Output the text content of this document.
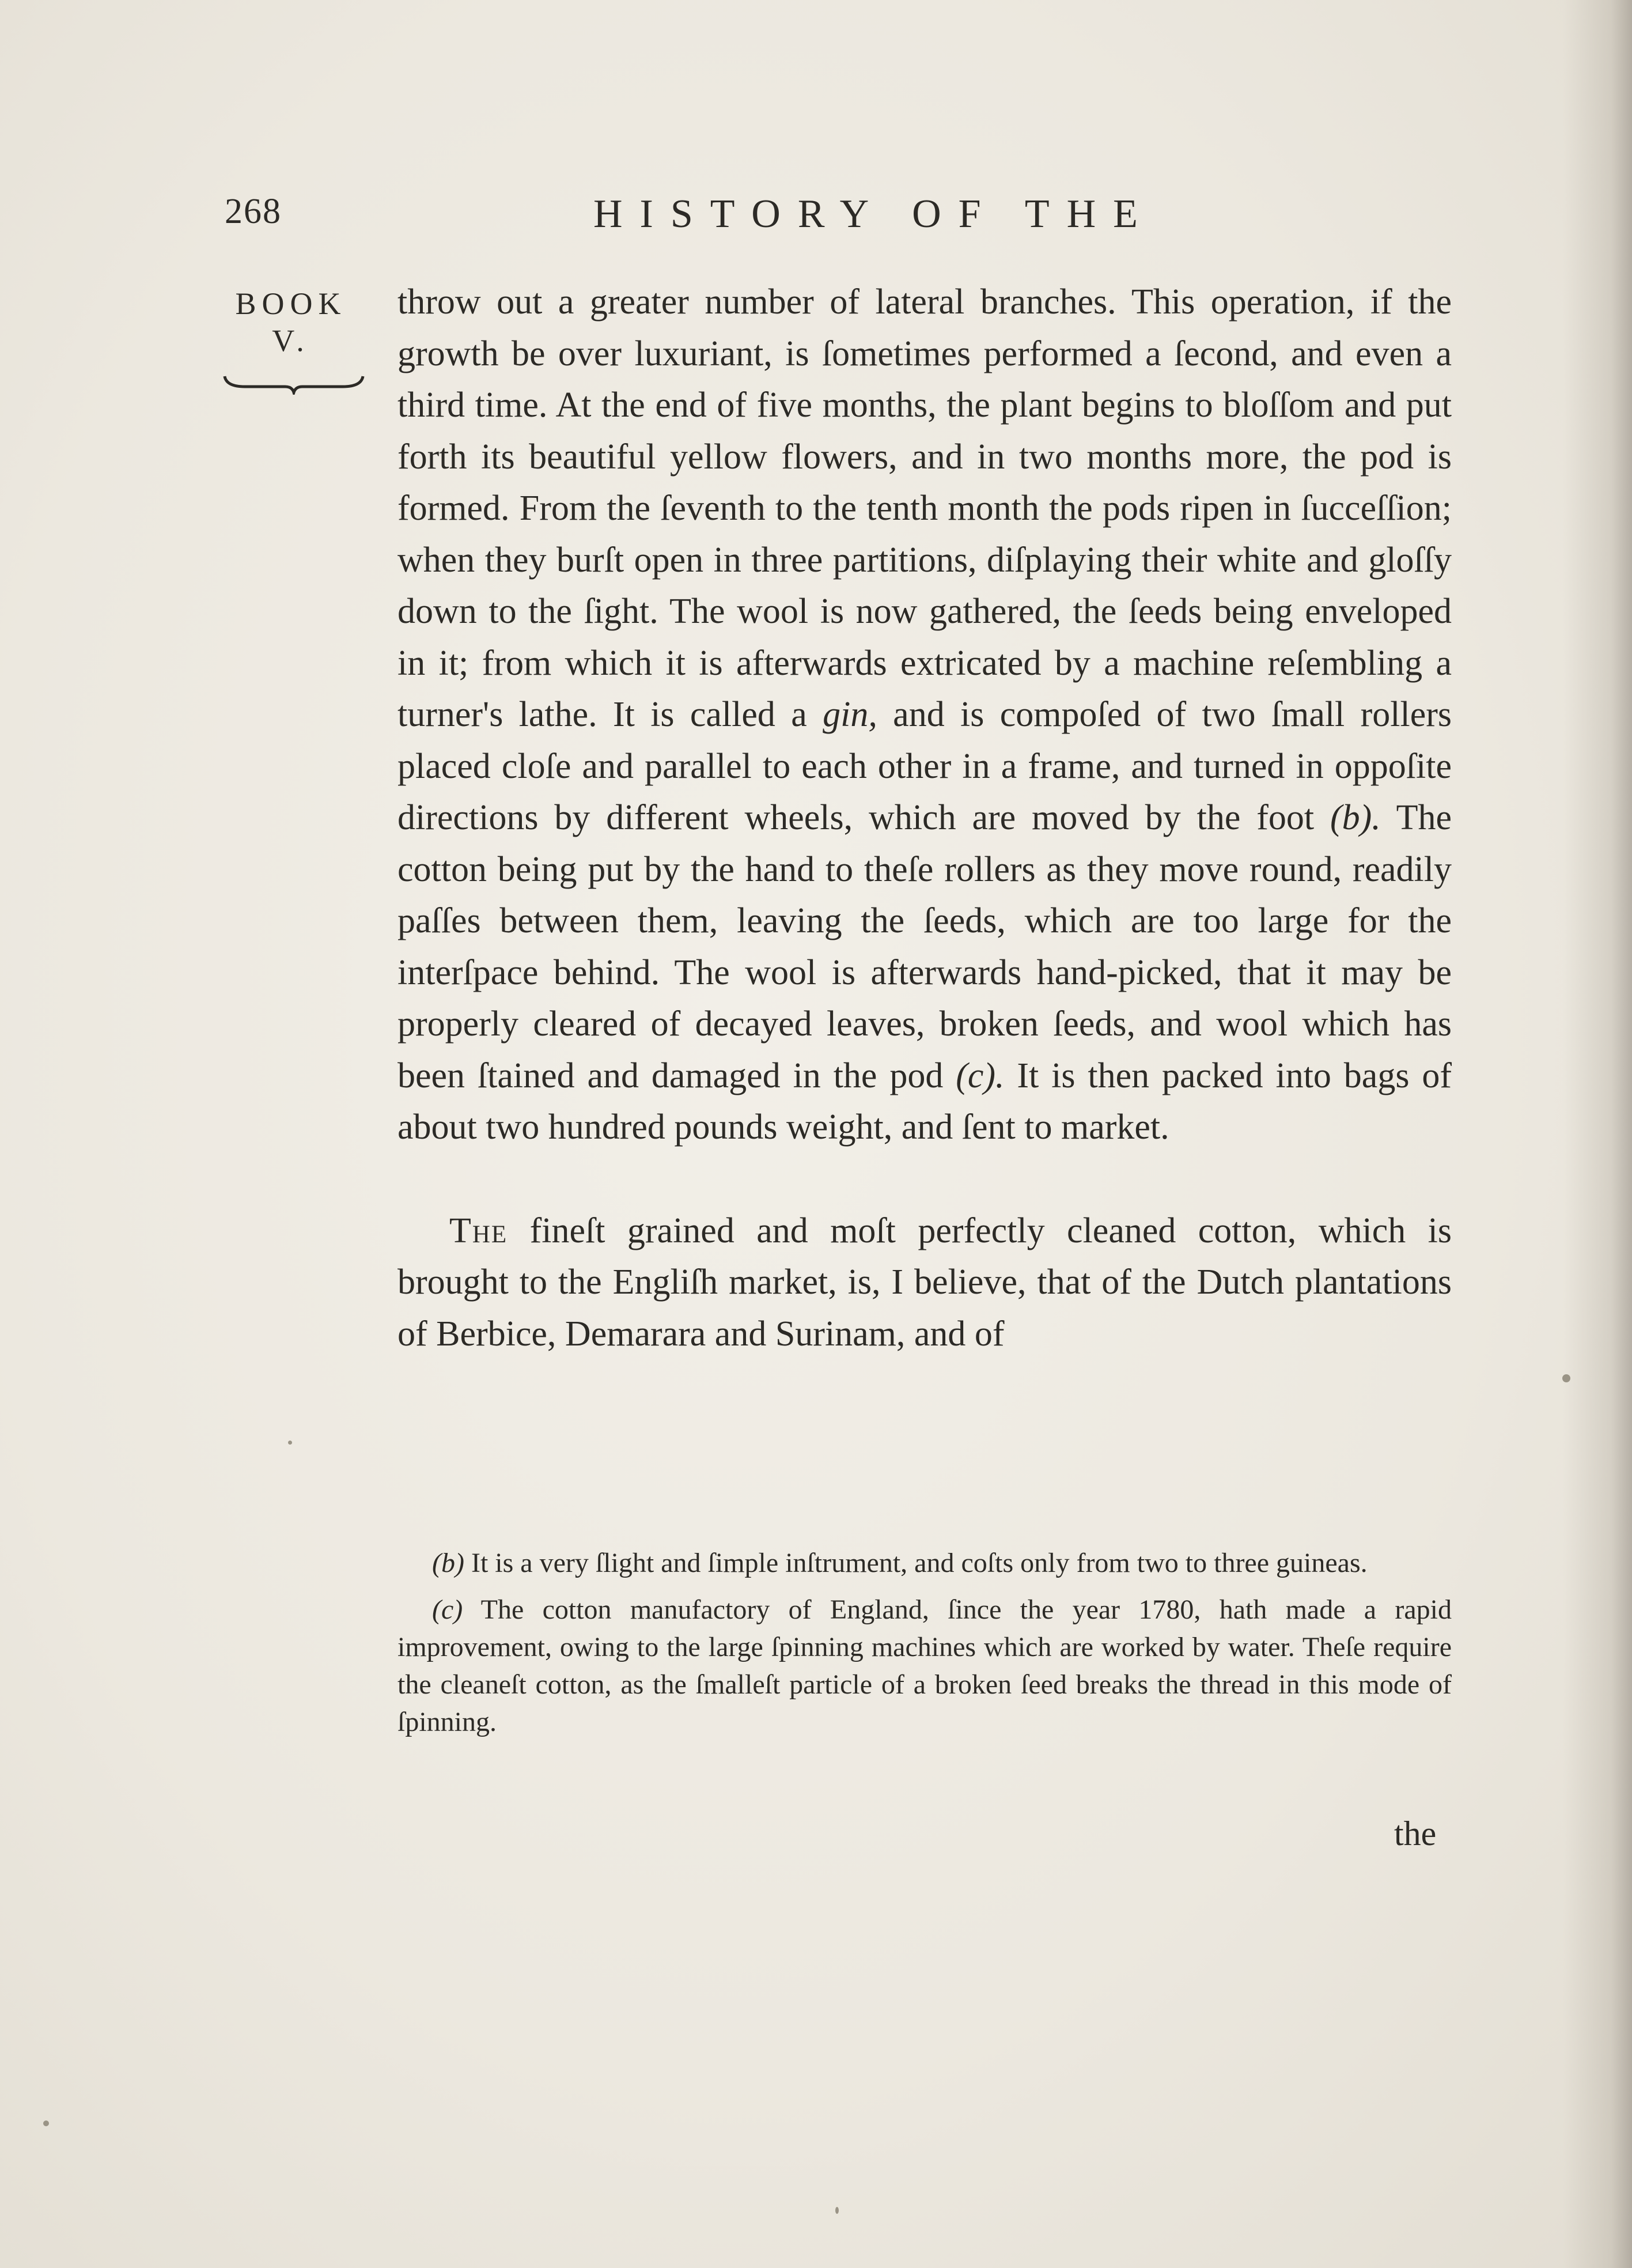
268	HISTORY OF THE
BOOK
V.

throw out a greater number of lateral branches. This operation, if the growth be over luxuriant, is ſometimes performed a ſecond, and even a third time. At the end of five months, the plant begins to bloſſom and put forth its beautiful yellow flowers, and in two months more, the pod is formed. From the ſeventh to the tenth month the pods ripen in ſucceſſion; when they burſt open in three partitions, diſplaying their white and gloſſy down to the ſight. The wool is now gathered, the ſeeds being enveloped in it; from which it is afterwards extricated by a machine reſembling a turner's lathe. It is called a gin, and is compoſed of two ſmall rollers placed cloſe and parallel to each other in a frame, and turned in oppoſite directions by different wheels, which are moved by the foot (b). The cotton being put by the hand to theſe rollers as they move round, readily paſſes between them, leaving the ſeeds, which are too large for the interſpace behind. The wool is afterwards hand-picked, that it may be properly cleared of decayed leaves, broken ſeeds, and wool which has been ſtained and damaged in the pod (c). It is then packed into bags of about two hundred pounds weight, and ſent to market.

The fineſt grained and moſt perfectly cleaned cotton, which is brought to the Engliſh market, is, I believe, that of the Dutch plantations of Berbice, Demarara and Surinam, and of

(b) It is a very ſlight and ſimple inſtrument, and coſts only from two to three guineas.

(c) The cotton manufactory of England, ſince the year 1780, hath made a rapid improvement, owing to the large ſpinning machines which are worked by water. Theſe require the cleaneſt cotton, as the ſmalleſt particle of a broken ſeed breaks the thread in this mode of ſpinning.

the
